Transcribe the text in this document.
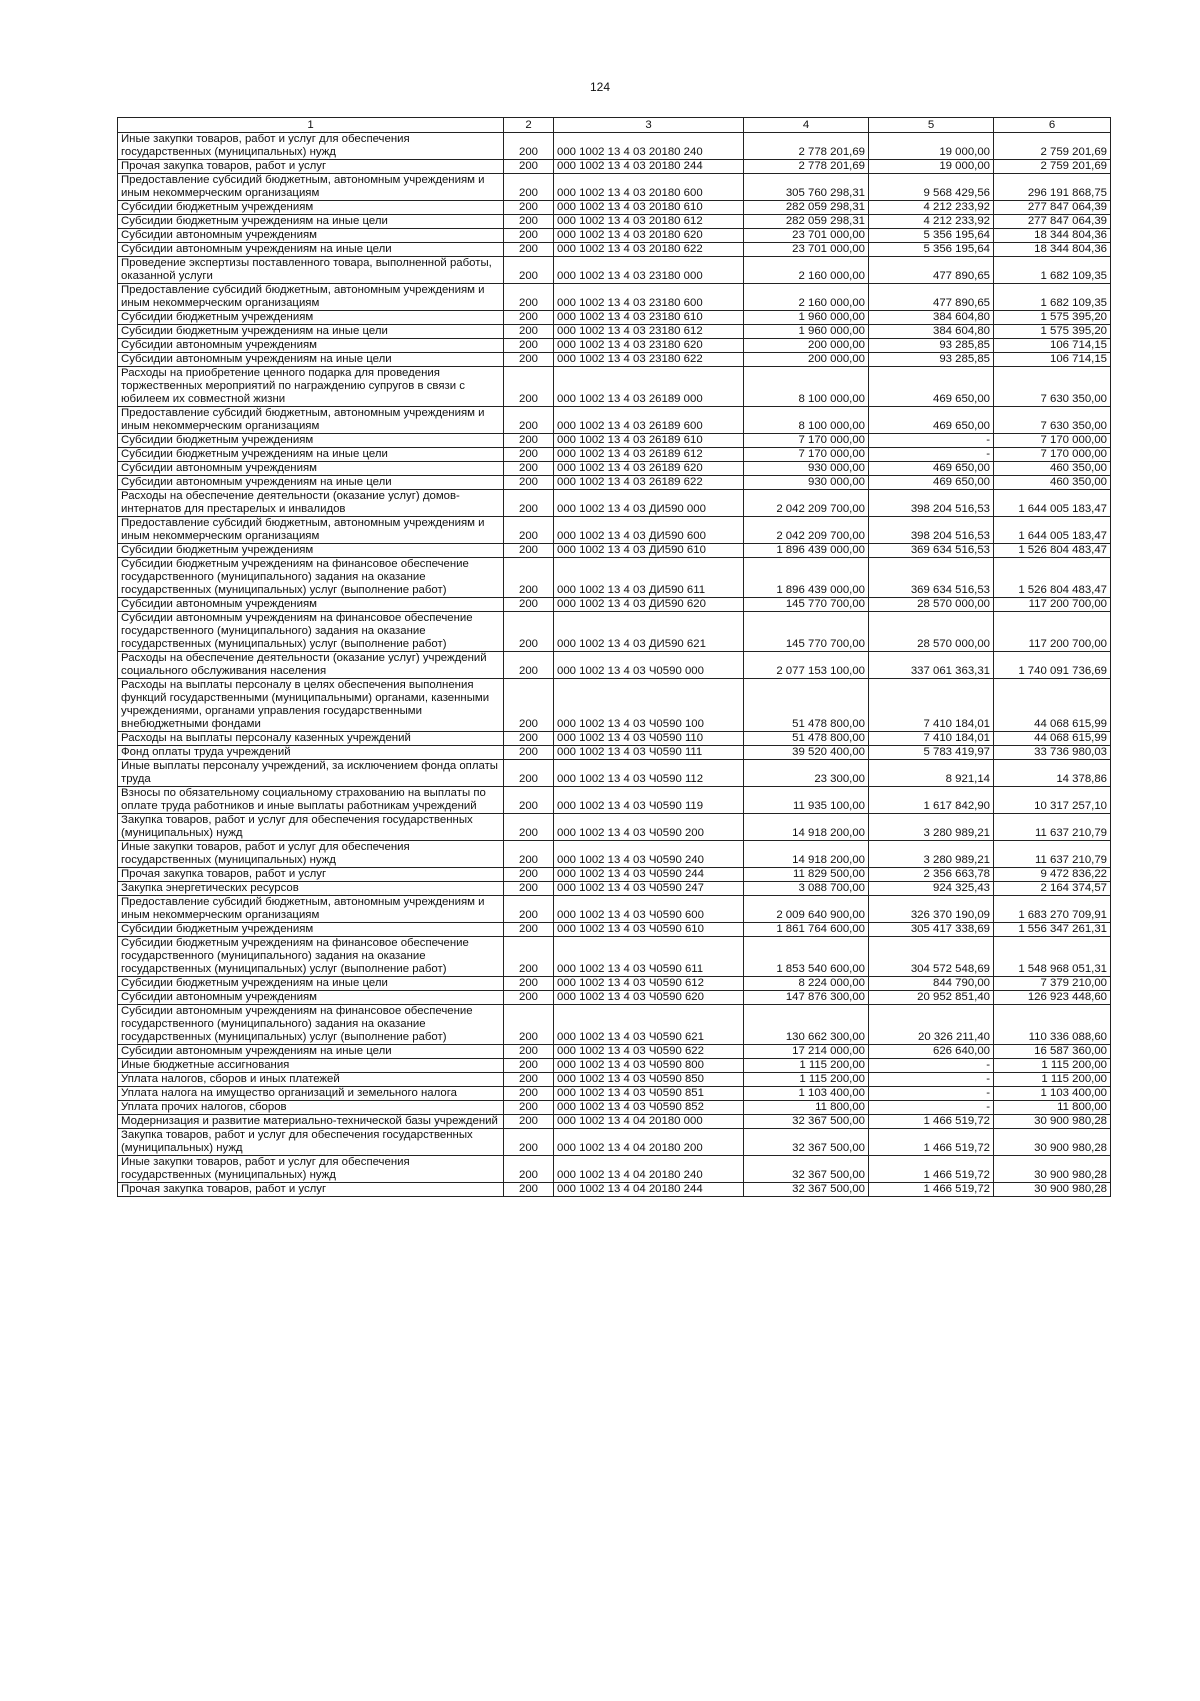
124
1	2	3	4	5	6
Иные закупки товаров, работ и услуг для обеспечения государственных (муниципальных) нужд	200	000 1002 13 4 03 20180 240	2 778 201,69	19 000,00	2 759 201,69
Прочая закупка товаров, работ и услуг	200	000 1002 13 4 03 20180 244	2 778 201,69	19 000,00	2 759 201,69
Предоставление субсидий бюджетным, автономным учреждениям и иным некоммерческим организациям	200	000 1002 13 4 03 20180 600	305 760 298,31	9 568 429,56	296 191 868,75
Субсидии бюджетным учреждениям	200	000 1002 13 4 03 20180 610	282 059 298,31	4 212 233,92	277 847 064,39
Субсидии бюджетным учреждениям на иные цели	200	000 1002 13 4 03 20180 612	282 059 298,31	4 212 233,92	277 847 064,39
Субсидии автономным учреждениям	200	000 1002 13 4 03 20180 620	23 701 000,00	5 356 195,64	18 344 804,36
Субсидии автономным учреждениям на иные цели	200	000 1002 13 4 03 20180 622	23 701 000,00	5 356 195,64	18 344 804,36
Проведение экспертизы поставленного товара, выполненной работы, оказанной услуги	200	000 1002 13 4 03 23180 000	2 160 000,00	477 890,65	1 682 109,35
Предоставление субсидий бюджетным, автономным учреждениям и иным некоммерческим организациям	200	000 1002 13 4 03 23180 600	2 160 000,00	477 890,65	1 682 109,35
Субсидии бюджетным учреждениям	200	000 1002 13 4 03 23180 610	1 960 000,00	384 604,80	1 575 395,20
Субсидии бюджетным учреждениям на иные цели	200	000 1002 13 4 03 23180 612	1 960 000,00	384 604,80	1 575 395,20
Субсидии автономным учреждениям	200	000 1002 13 4 03 23180 620	200 000,00	93 285,85	106 714,15
Субсидии автономным учреждениям на иные цели	200	000 1002 13 4 03 23180 622	200 000,00	93 285,85	106 714,15
Расходы на приобретение ценного подарка для проведения торжественных мероприятий по награждению супругов в связи с юбилеем их совместной жизни	200	000 1002 13 4 03 26189 000	8 100 000,00	469 650,00	7 630 350,00
Предоставление субсидий бюджетным, автономным учреждениям и иным некоммерческим организациям	200	000 1002 13 4 03 26189 600	8 100 000,00	469 650,00	7 630 350,00
Субсидии бюджетным учреждениям	200	000 1002 13 4 03 26189 610	7 170 000,00	-	7 170 000,00
Субсидии бюджетным учреждениям на иные цели	200	000 1002 13 4 03 26189 612	7 170 000,00	-	7 170 000,00
Субсидии автономным учреждениям	200	000 1002 13 4 03 26189 620	930 000,00	469 650,00	460 350,00
Субсидии автономным учреждениям на иные цели	200	000 1002 13 4 03 26189 622	930 000,00	469 650,00	460 350,00
Расходы на обеспечение деятельности (оказание услуг) домов-интернатов для престарелых и инвалидов	200	000 1002 13 4 03 ДИ590 000	2 042 209 700,00	398 204 516,53	1 644 005 183,47
Предоставление субсидий бюджетным, автономным учреждениям и иным некоммерческим организациям	200	000 1002 13 4 03 ДИ590 600	2 042 209 700,00	398 204 516,53	1 644 005 183,47
Субсидии бюджетным учреждениям	200	000 1002 13 4 03 ДИ590 610	1 896 439 000,00	369 634 516,53	1 526 804 483,47
Субсидии бюджетным учреждениям на финансовое обеспечение государственного (муниципального) задания на оказание государственных (муниципальных) услуг (выполнение работ)	200	000 1002 13 4 03 ДИ590 611	1 896 439 000,00	369 634 516,53	1 526 804 483,47
Субсидии автономным учреждениям	200	000 1002 13 4 03 ДИ590 620	145 770 700,00	28 570 000,00	117 200 700,00
Субсидии автономным учреждениям на финансовое обеспечение государственного (муниципального) задания на оказание государственных (муниципальных) услуг (выполнение работ)	200	000 1002 13 4 03 ДИ590 621	145 770 700,00	28 570 000,00	117 200 700,00
Расходы на обеспечение деятельности (оказание услуг) учреждений социального обслуживания населения	200	000 1002 13 4 03 Ч0590 000	2 077 153 100,00	337 061 363,31	1 740 091 736,69
Расходы на выплаты персоналу в целях обеспечения выполнения функций государственными (муниципальными) органами, казенными учреждениями, органами управления государственными внебюджетными фондами	200	000 1002 13 4 03 Ч0590 100	51 478 800,00	7 410 184,01	44 068 615,99
Расходы на выплаты персоналу казенных учреждений	200	000 1002 13 4 03 Ч0590 110	51 478 800,00	7 410 184,01	44 068 615,99
Фонд оплаты труда учреждений	200	000 1002 13 4 03 Ч0590 111	39 520 400,00	5 783 419,97	33 736 980,03
Иные выплаты персоналу учреждений, за исключением фонда оплаты труда	200	000 1002 13 4 03 Ч0590 112	23 300,00	8 921,14	14 378,86
Взносы по обязательному социальному страхованию на выплаты по оплате труда работников и иные выплаты работникам учреждений	200	000 1002 13 4 03 Ч0590 119	11 935 100,00	1 617 842,90	10 317 257,10
Закупка товаров, работ и услуг для обеспечения государственных (муниципальных) нужд	200	000 1002 13 4 03 Ч0590 200	14 918 200,00	3 280 989,21	11 637 210,79
Иные закупки товаров, работ и услуг для обеспечения государственных (муниципальных) нужд	200	000 1002 13 4 03 Ч0590 240	14 918 200,00	3 280 989,21	11 637 210,79
Прочая закупка товаров, работ и услуг	200	000 1002 13 4 03 Ч0590 244	11 829 500,00	2 356 663,78	9 472 836,22
Закупка энергетических ресурсов	200	000 1002 13 4 03 Ч0590 247	3 088 700,00	924 325,43	2 164 374,57
Предоставление субсидий бюджетным, автономным учреждениям и иным некоммерческим организациям	200	000 1002 13 4 03 Ч0590 600	2 009 640 900,00	326 370 190,09	1 683 270 709,91
Субсидии бюджетным учреждениям	200	000 1002 13 4 03 Ч0590 610	1 861 764 600,00	305 417 338,69	1 556 347 261,31
Субсидии бюджетным учреждениям на финансовое обеспечение государственного (муниципального) задания на оказание государственных (муниципальных) услуг (выполнение работ)	200	000 1002 13 4 03 Ч0590 611	1 853 540 600,00	304 572 548,69	1 548 968 051,31
Субсидии бюджетным учреждениям на иные цели	200	000 1002 13 4 03 Ч0590 612	8 224 000,00	844 790,00	7 379 210,00
Субсидии автономным учреждениям	200	000 1002 13 4 03 Ч0590 620	147 876 300,00	20 952 851,40	126 923 448,60
Субсидии автономным учреждениям на финансовое обеспечение государственного (муниципального) задания на оказание государственных (муниципальных) услуг (выполнение работ)	200	000 1002 13 4 03 Ч0590 621	130 662 300,00	20 326 211,40	110 336 088,60
Субсидии автономным учреждениям на иные цели	200	000 1002 13 4 03 Ч0590 622	17 214 000,00	626 640,00	16 587 360,00
Иные бюджетные ассигнования	200	000 1002 13 4 03 Ч0590 800	1 115 200,00	-	1 115 200,00
Уплата налогов, сборов и иных платежей	200	000 1002 13 4 03 Ч0590 850	1 115 200,00	-	1 115 200,00
Уплата налога на имущество организаций и земельного налога	200	000 1002 13 4 03 Ч0590 851	1 103 400,00	-	1 103 400,00
Уплата прочих налогов, сборов	200	000 1002 13 4 03 Ч0590 852	11 800,00	-	11 800,00
Модернизация и развитие материально-технической базы учреждений	200	000 1002 13 4 04 20180 000	32 367 500,00	1 466 519,72	30 900 980,28
Закупка товаров, работ и услуг для обеспечения государственных (муниципальных) нужд	200	000 1002 13 4 04 20180 200	32 367 500,00	1 466 519,72	30 900 980,28
Иные закупки товаров, работ и услуг для обеспечения государственных (муниципальных) нужд	200	000 1002 13 4 04 20180 240	32 367 500,00	1 466 519,72	30 900 980,28
Прочая закупка товаров, работ и услуг	200	000 1002 13 4 04 20180 244	32 367 500,00	1 466 519,72	30 900 980,28
